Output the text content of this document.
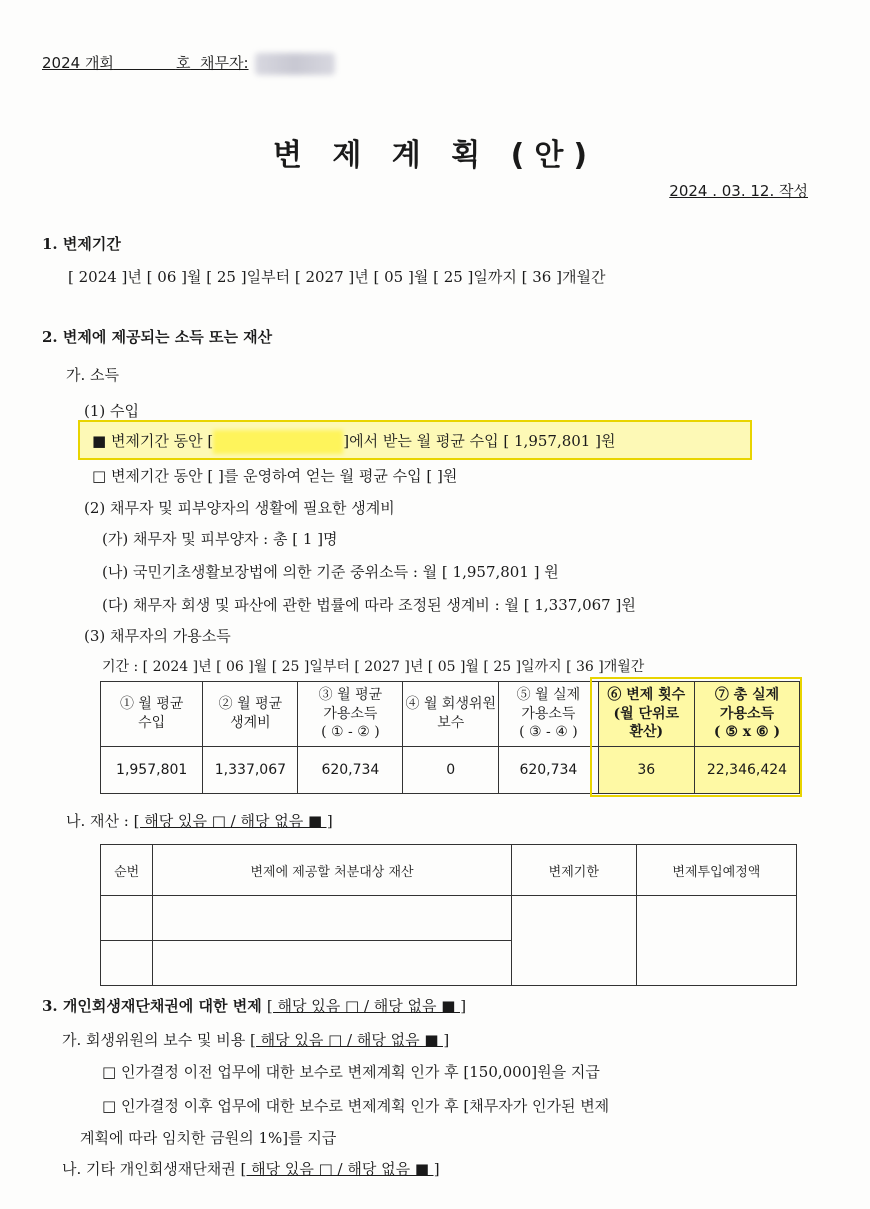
2024 개회	호 채무자:
변 제 계 획 (안)
2024 . 03. 12. 작성
1. 변제기간
[ 2024 ]년 [ 06 ]월 [ 25 ]일부터 [ 2027 ]년 [ 05 ]월 [ 25 ]일까지 [ 36 ]개월간
2. 변제에 제공되는 소득 또는 재산
가. 소득
(1) 수입
■ 변제기간 동안 [	]에서 받는 월 평균 수입 [ 1,957,801 ]원
□ 변제기간 동안 [ ]를 운영하여 얻는 월 평균 수입 [ ]원
(2) 채무자 및 피부양자의 생활에 필요한 생계비
(가) 채무자 및 피부양자 : 총 [ 1 ]명
(나) 국민기초생활보장법에 의한 기준 중위소득 : 월 [ 1,957,801 ] 원
(다) 채무자 회생 및 파산에 관한 법률에 따라 조정된 생계비 : 월 [ 1,337,067 ]원
(3) 채무자의 가용소득
기간 : [ 2024 ]년 [ 06 ]월 [ 25 ]일부터 [ 2027 ]년 [ 05 ]월 [ 25 ]일까지 [ 36 ]개월간
① 월 평균
수입	② 월 평균
생계비	③ 월 평균
가용소득
( ① - ② )	④ 월 회생위원
보수	⑤ 월 실제
가용소득
( ③ - ④ )	⑥ 변제 횟수
(월 단위로
환산)	⑦ 총 실제
가용소득
( ⑤ x ⑥ )
1,957,801	1,337,067	620,734	0	620,734	36	22,346,424
나. 재산 : [ 해당 있음 □ / 해당 없음 ■ ]
순번	변제에 제공할 처분대상 재산	변제기한	변제투입예정액

3. 개인회생재단채권에 대한 변제 [ 해당 있음 □ / 해당 없음 ■ ]
가. 회생위원의 보수 및 비용 [ 해당 있음 □ / 해당 없음 ■ ]
□ 인가결정 이전 업무에 대한 보수로 변제계획 인가 후 [150,000]원을 지급
□ 인가결정 이후 업무에 대한 보수로 변제계획 인가 후 [채무자가 인가된 변제
계획에 따라 임치한 금원의 1%]를 지급
나. 기타 개인회생재단채권 [ 해당 있음 □ / 해당 없음 ■ ]
